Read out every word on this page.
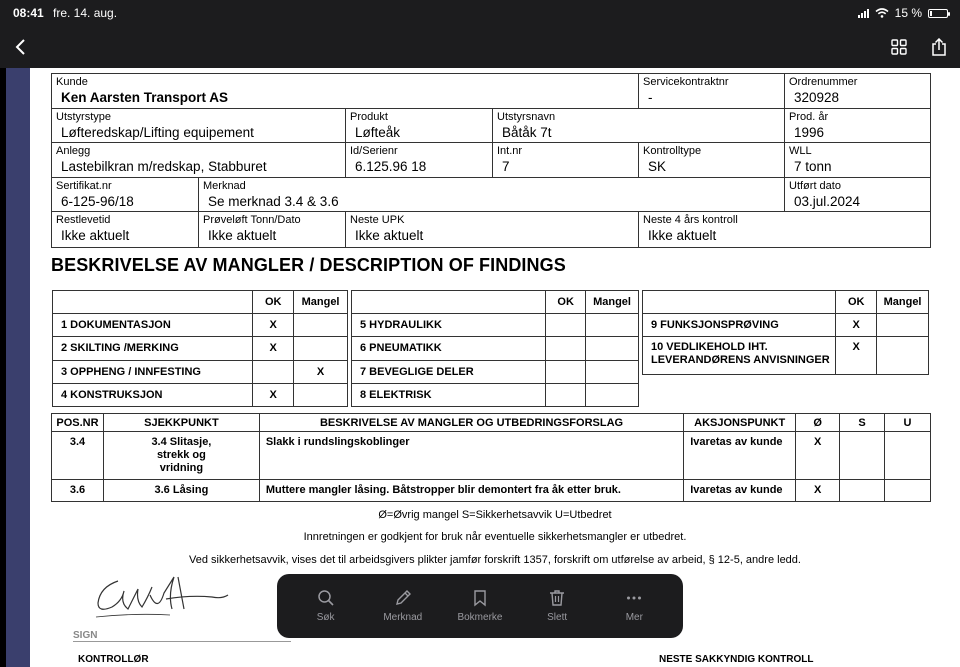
08:41 fre. 14. aug.	15 %
Kunde
Ken Aarsten Transport AS
Servicekontraktnr
-
Ordrenummer
320928
Utstyrstype
Løfteredskap/Lifting equipement
Produkt
Løfteåk
Utstyrsnavn
Båtåk 7t
Prod. år
1996
Anlegg
Lastebilkran m/redskap, Stabburet
Id/Serienr
6.125.96 18
Int.nr
7
Kontrolltype
SK
WLL
7 tonn
Sertifikat.nr
6-125-96/18
Merknad
Se merknad 3.4 & 3.6
Utført dato
03.jul.2024
Restlevetid
Ikke aktuelt
Prøveløft Tonn/Dato
Ikke aktuelt
Neste UPK
Ikke aktuelt
Neste 4 års kontroll
Ikke aktuelt
BESKRIVELSE AV MANGLER / DESCRIPTION OF FINDINGS
	OK	Mangel
1 DOKUMENTASJON	X	
2 SKILTING /MERKING	X	
3 OPPHENG / INNFESTING		X
4 KONSTRUKSJON	X	
	OK	Mangel
5 HYDRAULIKK		
6 PNEUMATIKK		
7 BEVEGLIGE DELER		
8 ELEKTRISK		
	OK	Mangel
9 FUNKSJONSPRØVING	X	
10 VEDLIKEHOLD IHT. LEVERANDØRENS ANVISNINGER	X	
POS.NR	SJEKKPUNKT	BESKRIVELSE AV MANGLER OG UTBEDRINGSFORSLAG	AKSJONSPUNKT	Ø	S	U
3.4	3.4 Slitasje, strekk og vridning	Slakk i rundslingskoblinger	Ivaretas av kunde	X		
3.6	3.6 Låsing	Muttere mangler låsing. Båtstropper blir demontert fra åk etter bruk.	Ivaretas av kunde	X		
Ø=Øvrig mangel S=Sikkerhetsavvik U=Utbedret
Innretningen er godkjent for bruk når eventuelle sikkerhetsmangler er utbedret.
Ved sikkerhetsavvik, vises det til arbeidsgivers plikter jamfør forskrift 1357, forskrift om utførelse av arbeid, § 12-5, andre ledd.
SIGN
KONTROLLØR	NESTE SAKKYNDIG KONTROLL
Søk	Merknad	Bokmerke	Slett	Mer
